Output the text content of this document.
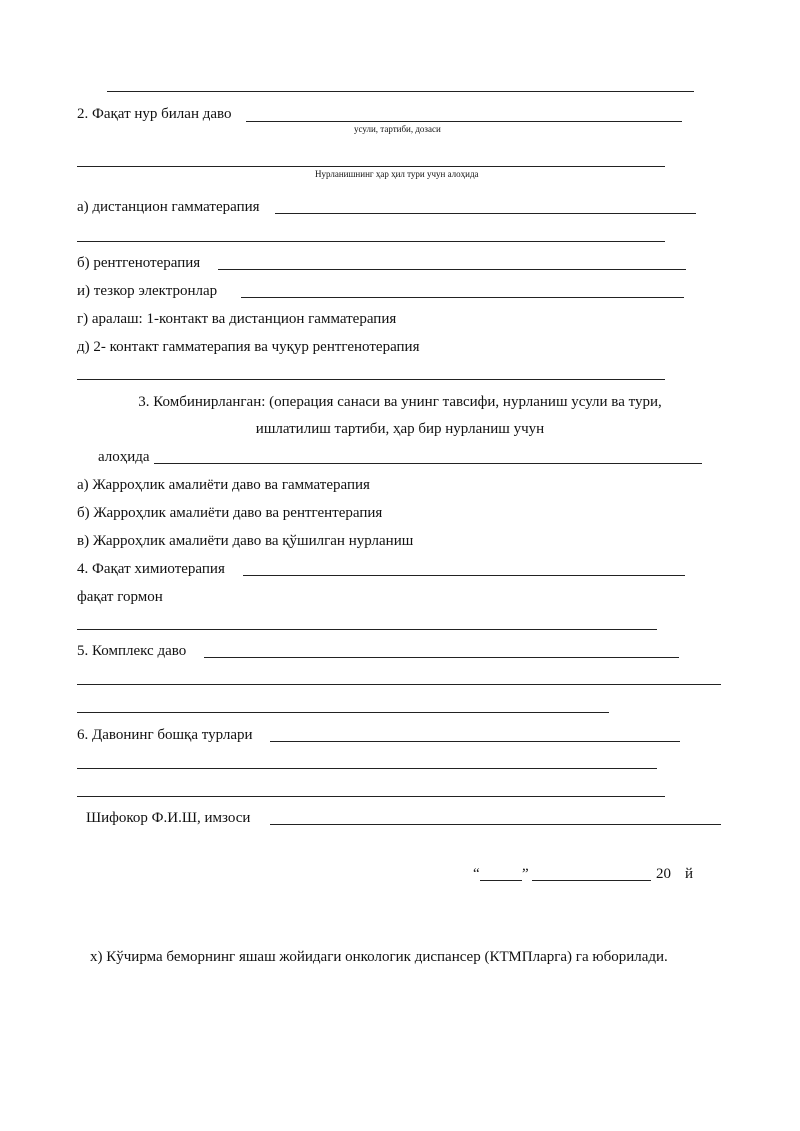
2. Фақат нур билан даво
усули, тартиби, дозаси
Нурланишнинг ҳар ҳил тури учун алоҳида
а) дистанцион гамматерапия
б) рентгенотерапия
и) тезкор электронлар
г) аралаш: 1-контакт ва дистанцион гамматерапия
д) 2- контакт гамматерапия ва чуқур рентгенотерапия
3. Комбинирланган: (операция санаси ва унинг тавсифи, нурланиш усули ва тури,
ишлатилиш тартиби, ҳар бир нурланиш учун
алоҳида
а) Жарроҳлик амалиёти даво ва гамматерапия
б) Жарроҳлик амалиёти даво ва рентгентерапия
в) Жарроҳлик амалиёти даво ва қўшилган нурланиш
4. Фақат химиотерапия
фақат гормон
5. Комплекс даво
6. Давонинг бошқа турлари
Шифокор Ф.И.Ш, имзоси
“	”	20 й
х) Кўчирма беморнинг яшаш жойидаги онкологик диспансер (КТМПларга) га юборилади.
